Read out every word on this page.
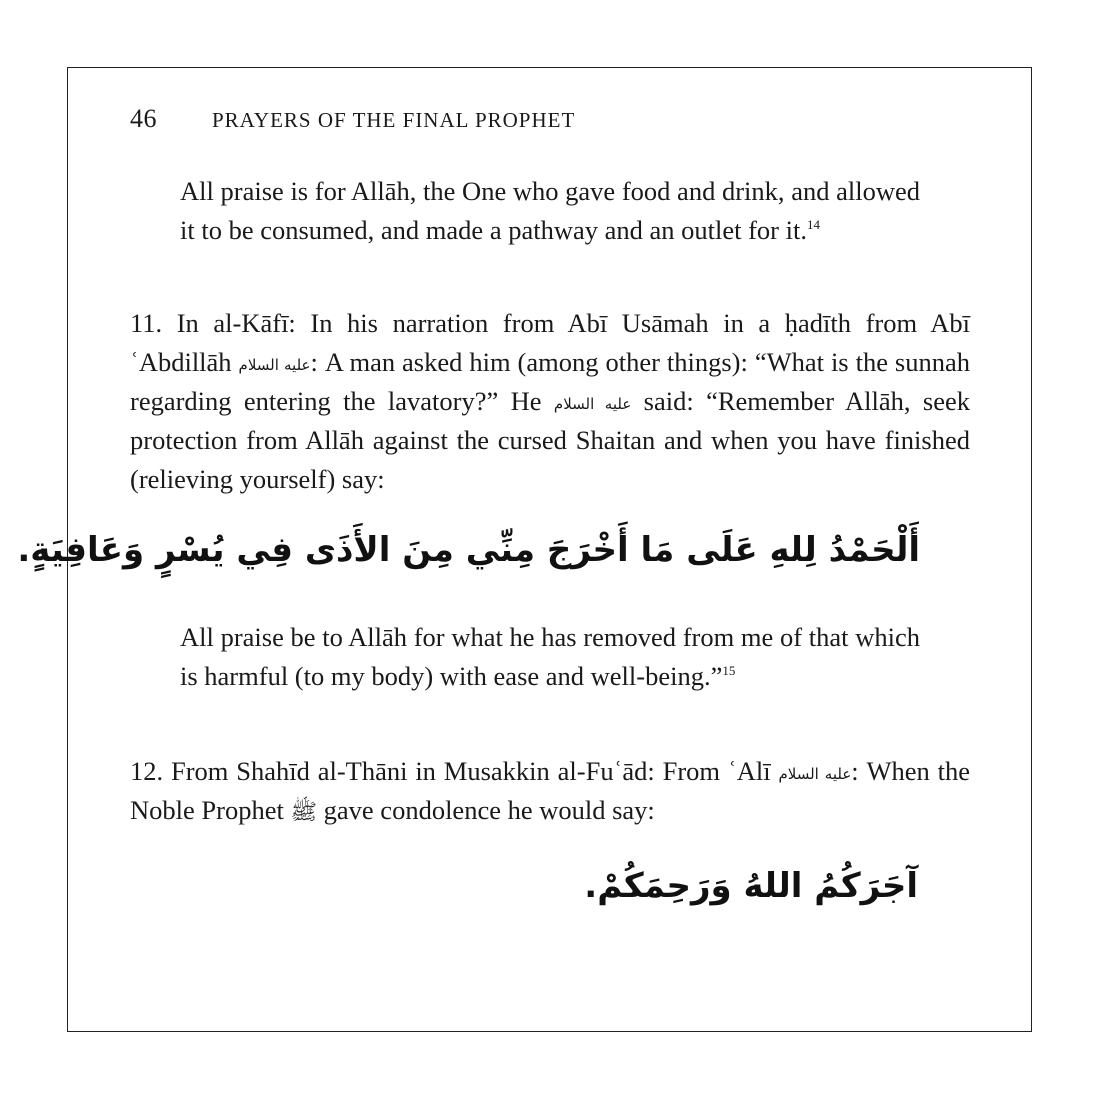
46	PRAYERS OF THE FINAL PROPHET

All praise is for Allāh, the One who gave food and drink, and allowed it to be consumed, and made a pathway and an outlet for it.$^{14}$

11. In al-Kāfī: In his narration from Abī Usāmah in a ḥadīth from Abī ʿAbdillāh عليه السلام: A man asked him (among other things): “What is the sunnah regarding entering the lavatory?” He عليه السلام said: “Remember Allāh, seek protection from Allāh against the cursed Shaitan and when you have finished (relieving yourself) say:

أَلْحَمْدُ لِلهِ عَلَى مَا أَخْرَجَ مِنِّي مِنَ الأَذَى فِي يُسْرٍ وَعَافِيَةٍ.

All praise be to Allāh for what he has removed from me of that which is harmful (to my body) with ease and well-being.”$^{15}$

12. From Shahīd al-Thāni in Musakkin al-Fuʿād: From ʿAlī عليه السلام: When the Noble Prophet ﷺ gave condolence he would say:

آجَرَكُمُ اللهُ وَرَحِمَكُمْ.
